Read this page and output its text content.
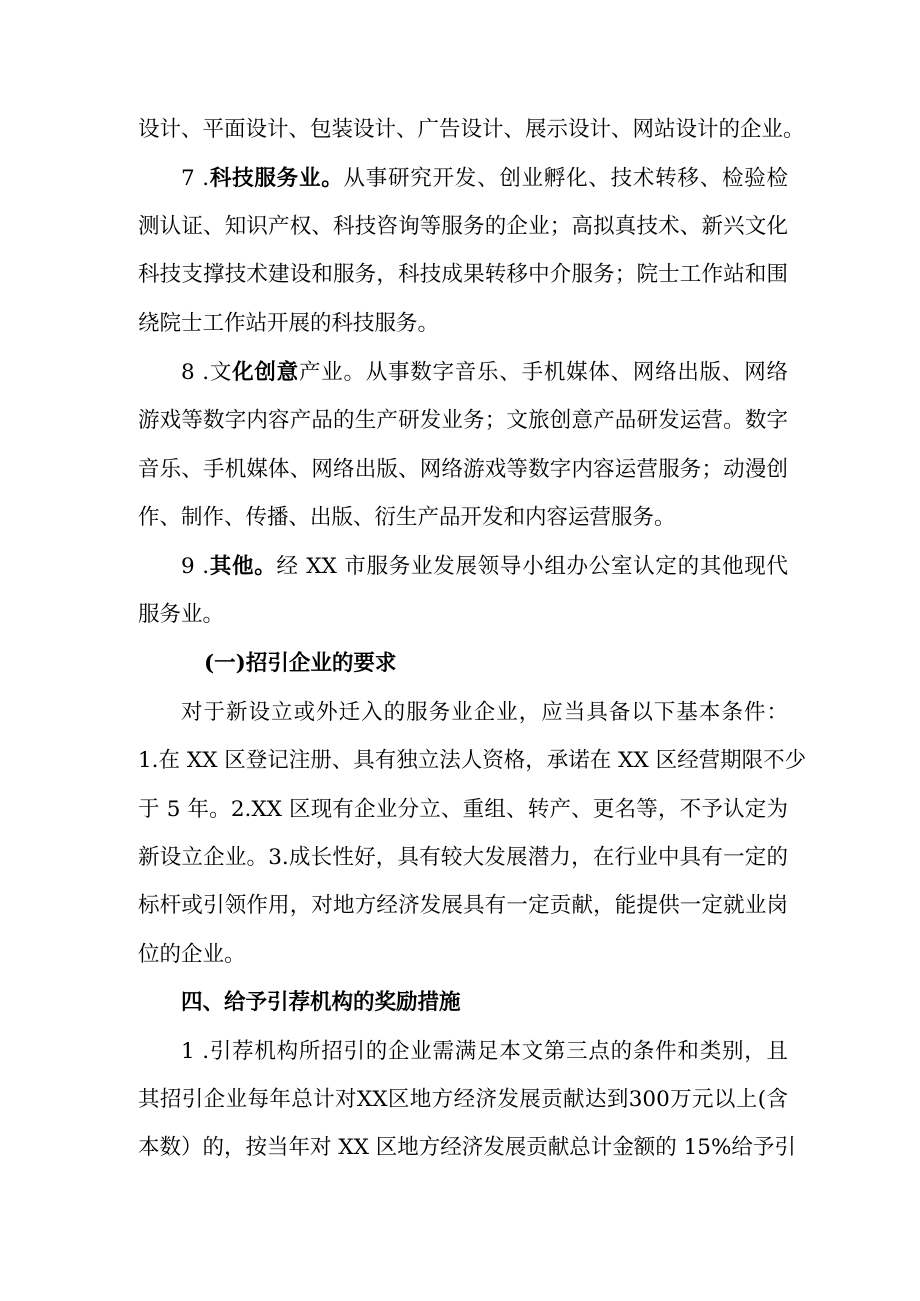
设计、平面设计、包装设计、广告设计、展示设计、网站设计的企业。
7 .科技服务业。从事研究开发、创业孵化、技术转移、检验检
测认证、知识产权、科技咨询等服务的企业；高拟真技术、新兴文化
科技支撑技术建设和服务，科技成果转移中介服务；院士工作站和围
绕院士工作站开展的科技服务。
8 .文化创意产业。从事数字音乐、手机媒体、网络出版、网络
游戏等数字内容产品的生产研发业务；文旅创意产品研发运营。数字
音乐、手机媒体、网络出版、网络游戏等数字内容运营服务；动漫创
作、制作、传播、出版、衍生产品开发和内容运营服务。
9 .其他。经 XX 市服务业发展领导小组办公室认定的其他现代
服务业。
(一)招引企业的要求
对于新设立或外迁入的服务业企业，应当具备以下基本条件：
1.在 XX 区登记注册、具有独立法人资格，承诺在 XX 区经营期限不少
于 5 年。2.XX 区现有企业分立、重组、转产、更名等，不予认定为
新设立企业。3.成长性好，具有较大发展潜力，在行业中具有一定的
标杆或引领作用，对地方经济发展具有一定贡献，能提供一定就业岗
位的企业。
四、给予引荐机构的奖励措施
1 .引荐机构所招引的企业需满足本文第三点的条件和类别，且
其招引企业每年总计对XX区地方经济发展贡献达到300万元以上(含
本数）的，按当年对 XX 区地方经济发展贡献总计金额的 15%给予引
